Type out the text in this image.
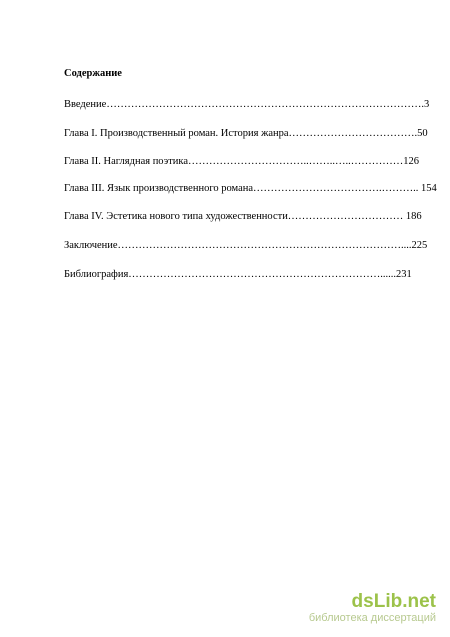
Содержание
Введение……………………………………………………………………………….3
Глава I. Производственный роман. История жанра……………………………….50
Глава II. Наглядная поэтика……………………………..……..…..……………126
Глава III. Язык производственного романа……………………………….……….. 154
Глава IV. Эстетика нового типа художественности…………………………… 186
Заключение………………………………………………………………………....225
Библиография………………………………………………………………......231
dsLib.net
библиотека диссертаций
